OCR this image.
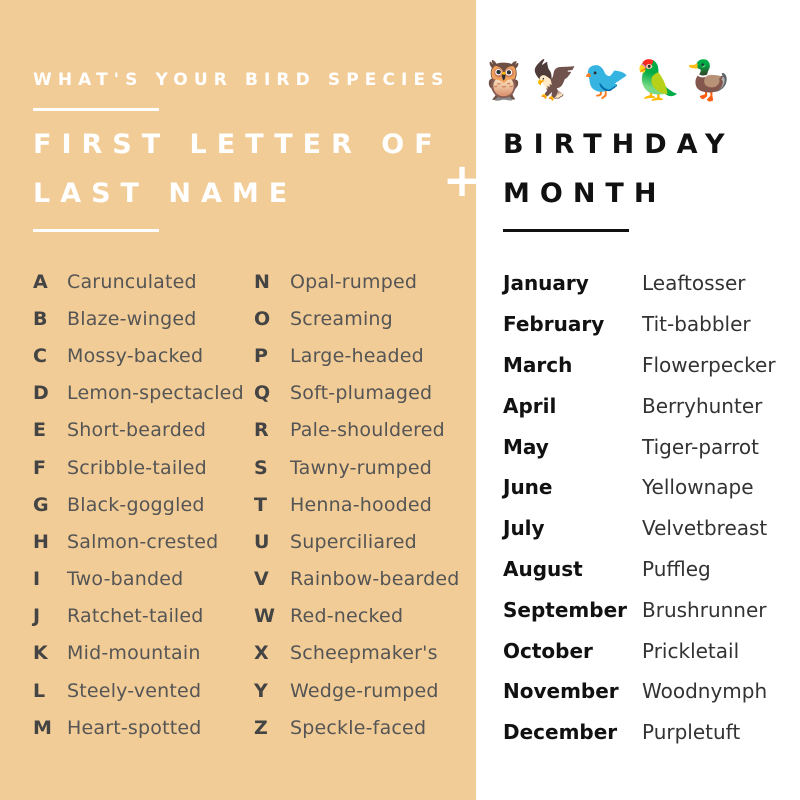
WHAT'S YOUR BIRD SPECIES 🦉 🦅 🐦 🦜 🦆
FIRST LETTER OF
LAST NAME	+
BIRTHDAY
MONTH
A	Carunculated
B	Blaze-winged
C	Mossy-backed
D Lemon-spectacled
E	Short-bearded
F	Scribble-tailed
G Black-goggled
H Salmon-crested
I	Two-banded
J	Ratchet-tailed
K	Mid-mountain
L	Steely-vented
M Heart-spotted
N	Opal-rumped
O	Screaming
P	Large-headed
Q	Soft-plumaged
R	Pale-shouldered
S	Tawny-rumped
T	Henna-hooded
U	Superciliared
V	Rainbow-bearded
W Red-necked
X	Scheepmaker's
Y	Wedge-rumped
Z	Speckle-faced
January	Leaftosser
February	Tit-babbler
March	Flowerpecker
April	Berryhunter
May	Tiger-parrot
June	Yellownape
July	Velvetbreast
August	Puffleg
September Brushrunner
October	Prickletail
November	Woodnymph
December	Purpletuft
